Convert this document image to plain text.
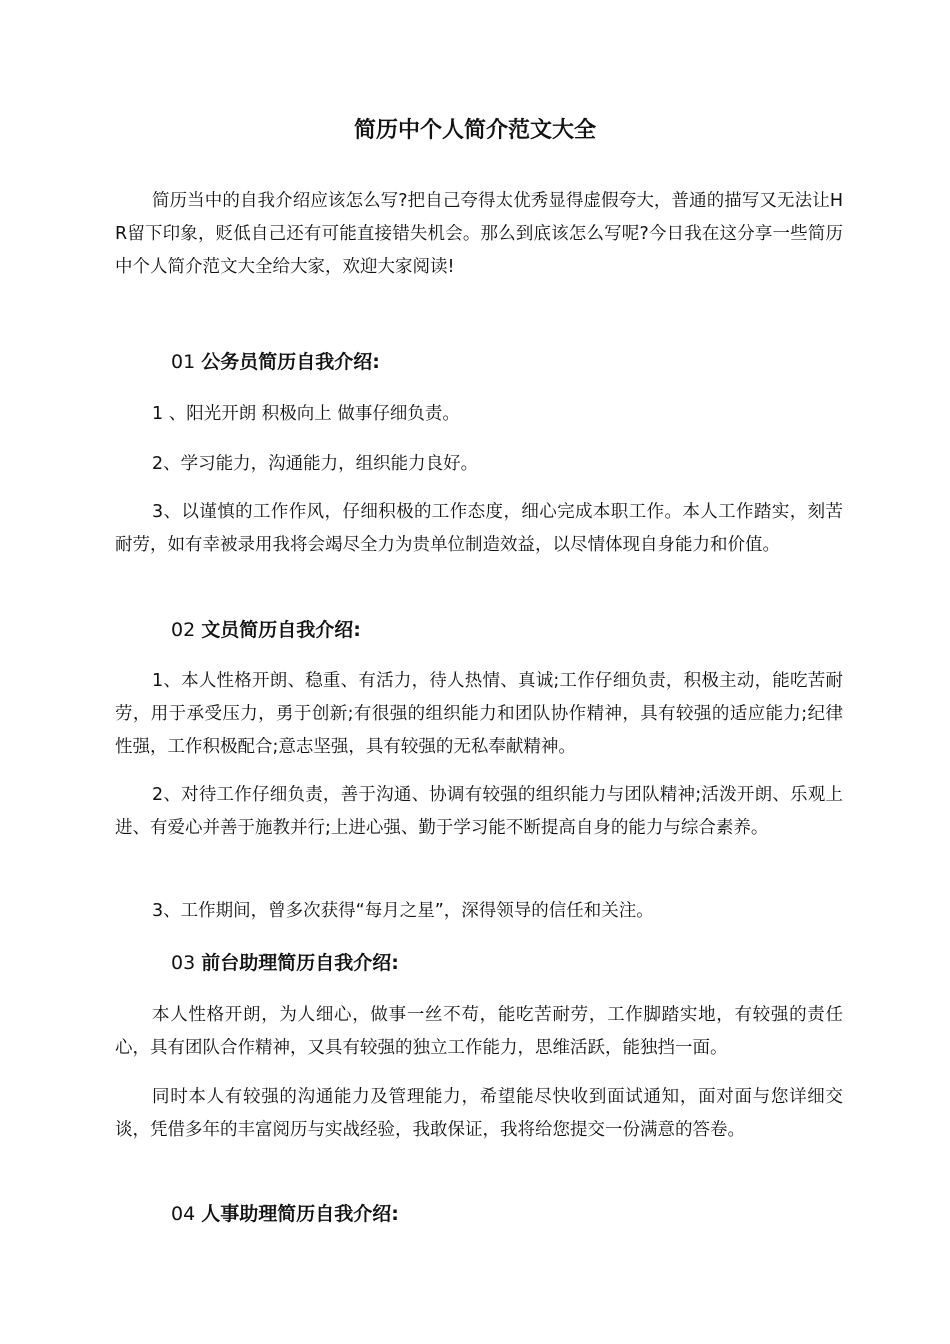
简历中个人简介范文大全

简历当中的自我介绍应该怎么写?把自己夸得太优秀显得虚假夸大，普通的描写又无法让HR留下印象，贬低自己还有可能直接错失机会。那么到底该怎么写呢?今日我在这分享一些简历中个人简介范文大全给大家，欢迎大家阅读!

01 公务员简历自我介绍:

1 、阳光开朗 积极向上 做事仔细负责。

2、学习能力，沟通能力，组织能力良好。

3、以谨慎的工作作风，仔细积极的工作态度，细心完成本职工作。本人工作踏实，刻苦耐劳，如有幸被录用我将会竭尽全力为贵单位制造效益，以尽情体现自身能力和价值。

02 文员简历自我介绍:

1、本人性格开朗、稳重、有活力，待人热情、真诚;工作仔细负责，积极主动，能吃苦耐劳，用于承受压力，勇于创新;有很强的组织能力和团队协作精神，具有较强的适应能力;纪律性强，工作积极配合;意志坚强，具有较强的无私奉献精神。

2、对待工作仔细负责，善于沟通、协调有较强的组织能力与团队精神;活泼开朗、乐观上进、有爱心并善于施教并行;上进心强、勤于学习能不断提高自身的能力与综合素养。

3、工作期间，曾多次获得“每月之星”，深得领导的信任和关注。

03 前台助理简历自我介绍:

本人性格开朗，为人细心，做事一丝不苟，能吃苦耐劳，工作脚踏实地，有较强的责任心，具有团队合作精神，又具有较强的独立工作能力，思维活跃，能独挡一面。

同时本人有较强的沟通能力及管理能力，希望能尽快收到面试通知，面对面与您详细交谈，凭借多年的丰富阅历与实战经验，我敢保证，我将给您提交一份满意的答卷。

04 人事助理简历自我介绍:
